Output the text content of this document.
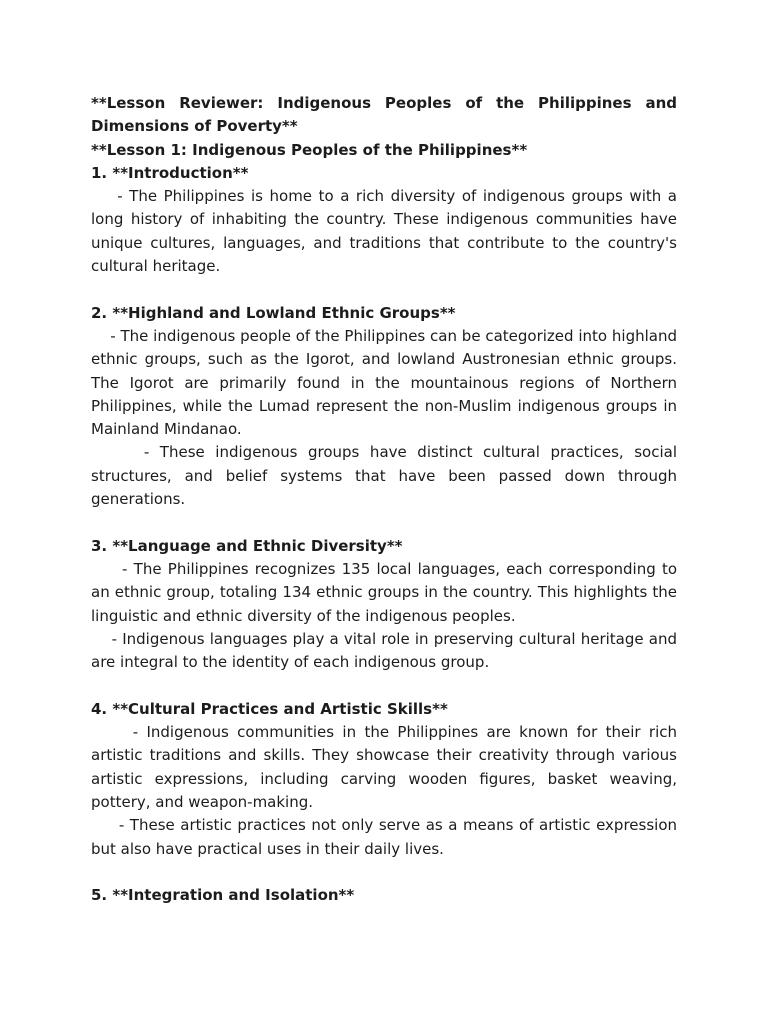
**Lesson Reviewer: Indigenous Peoples of the Philippines and Dimensions of Poverty**
**Lesson 1: Indigenous Peoples of the Philippines**
1. **Introduction**
- The Philippines is home to a rich diversity of indigenous groups with a long history of inhabiting the country. These indigenous communities have unique cultures, languages, and traditions that contribute to the country's cultural heritage.
2. **Highland and Lowland Ethnic Groups**
- The indigenous people of the Philippines can be categorized into highland ethnic groups, such as the Igorot, and lowland Austronesian ethnic groups. The Igorot are primarily found in the mountainous regions of Northern Philippines, while the Lumad represent the non-Muslim indigenous groups in Mainland Mindanao.
- These indigenous groups have distinct cultural practices, social structures, and belief systems that have been passed down through generations.
3. **Language and Ethnic Diversity**
- The Philippines recognizes 135 local languages, each corresponding to an ethnic group, totaling 134 ethnic groups in the country. This highlights the linguistic and ethnic diversity of the indigenous peoples.
- Indigenous languages play a vital role in preserving cultural heritage and are integral to the identity of each indigenous group.
4. **Cultural Practices and Artistic Skills**
- Indigenous communities in the Philippines are known for their rich artistic traditions and skills. They showcase their creativity through various artistic expressions, including carving wooden figures, basket weaving, pottery, and weapon-making.
- These artistic practices not only serve as a means of artistic expression but also have practical uses in their daily lives.
5. **Integration and Isolation**
